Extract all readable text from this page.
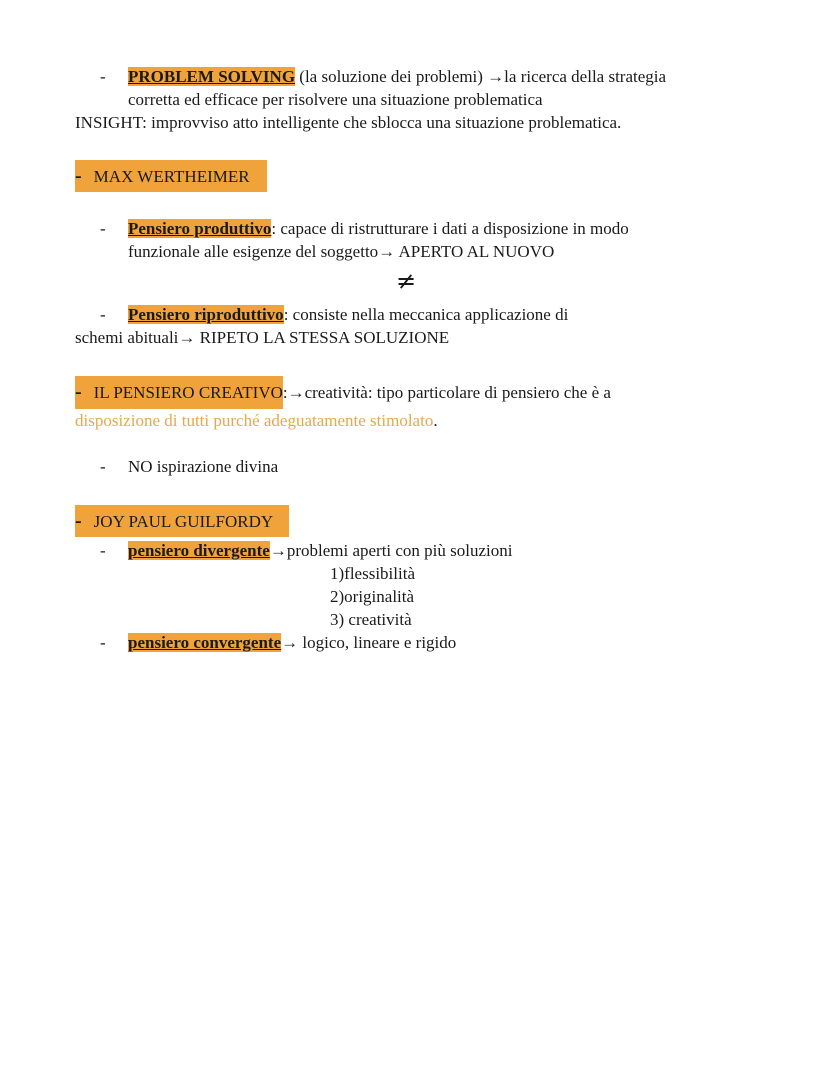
- PROBLEM SOLVING (la soluzione dei problemi) →la ricerca della strategia
corretta ed efficace per risolvere una situazione problematica
INSIGHT: improvviso atto intelligente che sblocca una situazione problematica.
- MAX WERTHEIMER
- Pensiero produttivo: capace di ristrutturare i dati a disposizione in modo
funzionale alle esigenze del soggetto→ APERTO AL NUOVO
≠
- Pensiero riproduttivo: consiste nella meccanica applicazione di
schemi abituali→ RIPETO LA STESSA SOLUZIONE
- IL PENSIERO CREATIVO:→creatività: tipo particolare di pensiero che è a
disposizione di tutti purché adeguatamente stimolato.
- NO ispirazione divina
- JOY PAUL GUILFORDY
- pensiero divergente→problemi aperti con più soluzioni
1)flessibilità
2)originalità
3) creatività
- pensiero convergente→ logico, lineare e rigido
